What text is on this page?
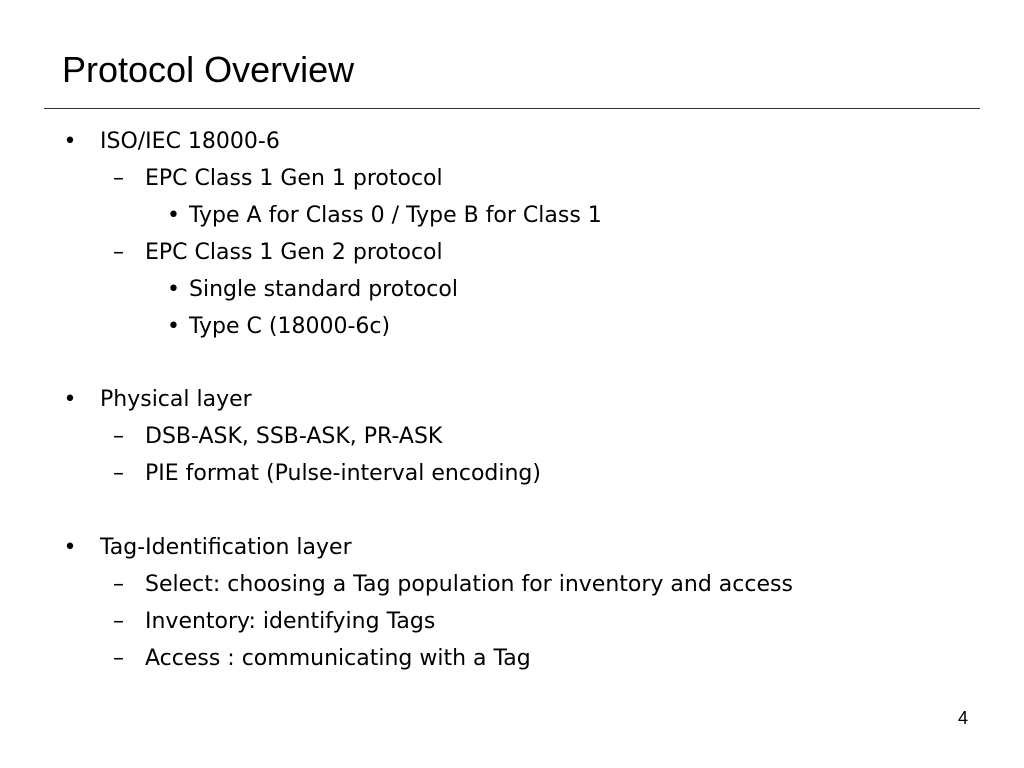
Protocol Overview
• ISO/IEC 18000-6
– EPC Class 1 Gen 1 protocol
• Type A for Class 0 / Type B for Class 1
– EPC Class 1 Gen 2 protocol
• Single standard protocol
• Type C (18000-6c)
• Physical layer
– DSB-ASK, SSB-ASK, PR-ASK
– PIE format (Pulse-interval encoding)
• Tag-Identification layer
– Select: choosing a Tag population for inventory and access
– Inventory: identifying Tags
– Access : communicating with a Tag
4
